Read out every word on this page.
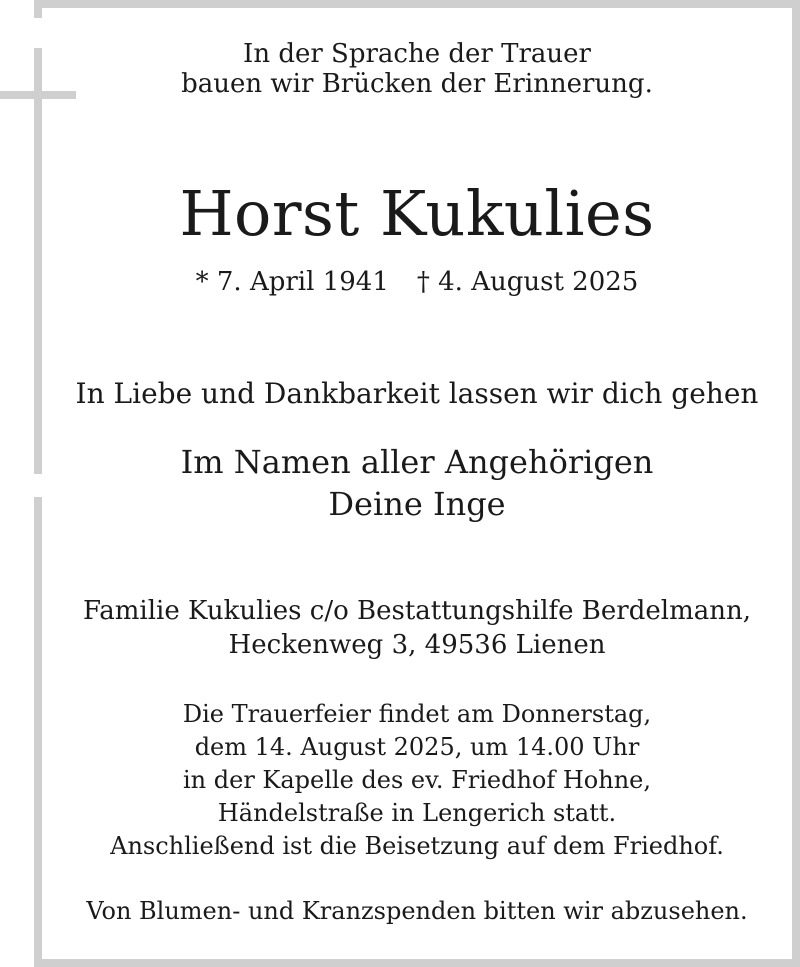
In der Sprache der Trauer
bauen wir Brücken der Erinnerung.
Horst Kukulies
* 7. April 1941 † 4. August 2025
In Liebe und Dankbarkeit lassen wir dich gehen
Im Namen aller Angehörigen
Deine Inge
Familie Kukulies c/o Bestattungshilfe Berdelmann,
Heckenweg 3, 49536 Lienen
Die Trauerfeier findet am Donnerstag,
dem 14. August 2025, um 14.00 Uhr
in der Kapelle des ev. Friedhof Hohne,
Händelstraße in Lengerich statt.
Anschließend ist die Beisetzung auf dem Friedhof.
Von Blumen- und Kranzspenden bitten wir abzusehen.
